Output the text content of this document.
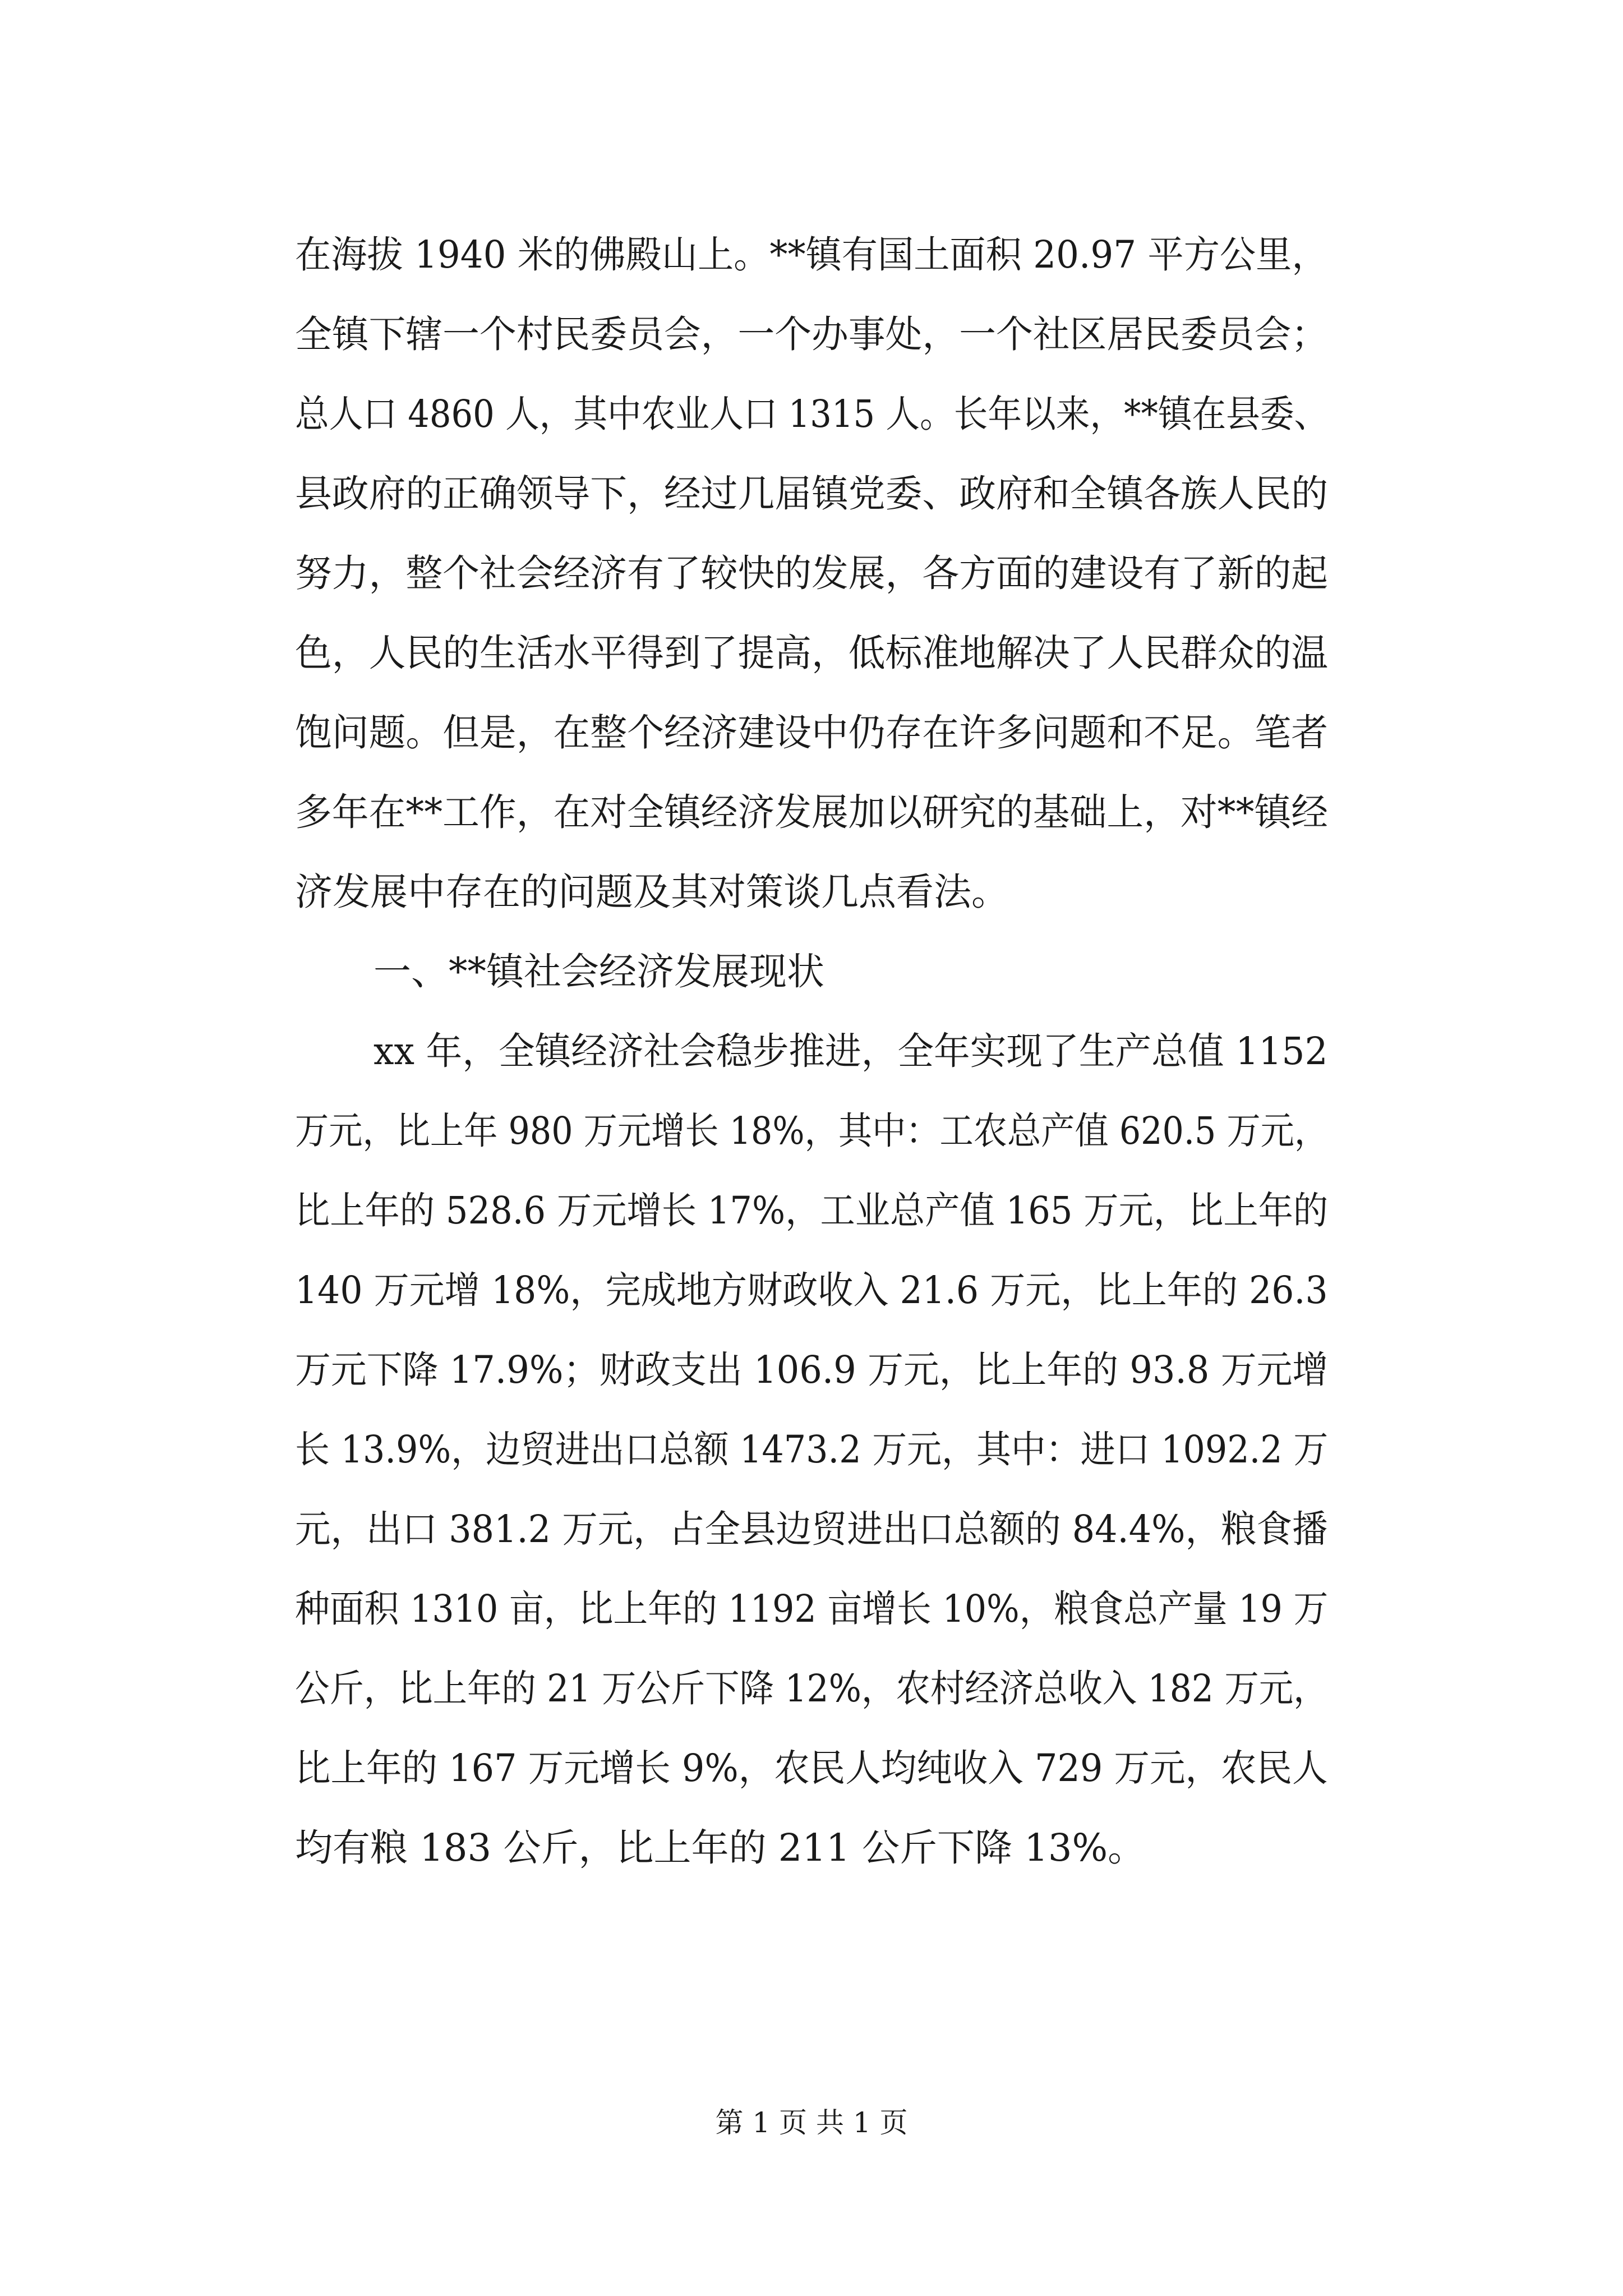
在海拔 1940 米的佛殿山上。**镇有国土面积 20.97 平方公里，
全镇下辖一个村民委员会，一个办事处，一个社区居民委员会；
总人口 4860 人，其中农业人口 1315 人。长年以来，**镇在县委、
县政府的正确领导下，经过几届镇党委、政府和全镇各族人民的
努力，整个社会经济有了较快的发展，各方面的建设有了新的起
色，人民的生活水平得到了提高，低标准地解决了人民群众的温
饱问题。但是，在整个经济建设中仍存在许多问题和不足。笔者
多年在**工作，在对全镇经济发展加以研究的基础上，对**镇经
济发展中存在的问题及其对策谈几点看法。
一、**镇社会经济发展现状
xx 年，全镇经济社会稳步推进，全年实现了生产总值 1152
万元，比上年 980 万元增长 18%，其中：工农总产值 620.5 万元，
比上年的 528.6 万元增长 17%，工业总产值 165 万元，比上年的
140 万元增 18%，完成地方财政收入 21.6 万元，比上年的 26.3
万元下降 17.9%；财政支出 106.9 万元，比上年的 93.8 万元增
长 13.9%，边贸进出口总额 1473.2 万元，其中：进口 1092.2 万
元，出口 381.2 万元，占全县边贸进出口总额的 84.4%，粮食播
种面积 1310 亩，比上年的 1192 亩增长 10%，粮食总产量 19 万
公斤，比上年的 21 万公斤下降 12%，农村经济总收入 182 万元，
比上年的 167 万元增长 9%，农民人均纯收入 729 万元，农民人
均有粮 183 公斤，比上年的 211 公斤下降 13%。
第 1 页 共 1 页
